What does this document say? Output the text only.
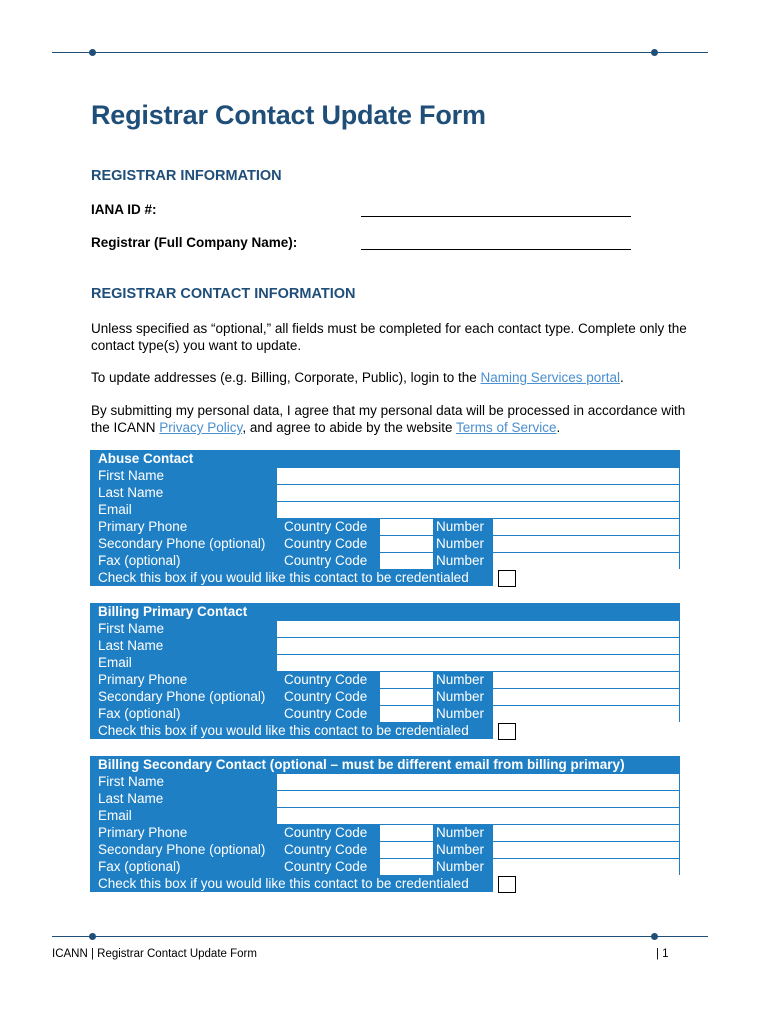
Registrar Contact Update Form
REGISTRAR INFORMATION
IANA ID #:
Registrar (Full Company Name):
REGISTRAR CONTACT INFORMATION
Unless specified as “optional,” all fields must be completed for each contact type. Complete only the contact type(s) you want to update.
To update addresses (e.g. Billing, Corporate, Public), login to the Naming Services portal.
By submitting my personal data, I agree that my personal data will be processed in accordance with the ICANN Privacy Policy, and agree to abide by the website Terms of Service.
Abuse Contact
First Name
Last Name
Email
Primary Phone	Country Code	Number
Secondary Phone (optional)	Country Code	Number
Fax (optional)	Country Code	Number
Check this box if you would like this contact to be credentialed
Billing Primary Contact
First Name
Last Name
Email
Primary Phone	Country Code	Number
Secondary Phone (optional)	Country Code	Number
Fax (optional)	Country Code	Number
Check this box if you would like this contact to be credentialed
Billing Secondary Contact (optional – must be different email from billing primary)
First Name
Last Name
Email
Primary Phone	Country Code	Number
Secondary Phone (optional)	Country Code	Number
Fax (optional)	Country Code	Number
Check this box if you would like this contact to be credentialed
ICANN | Registrar Contact Update Form	| 1
